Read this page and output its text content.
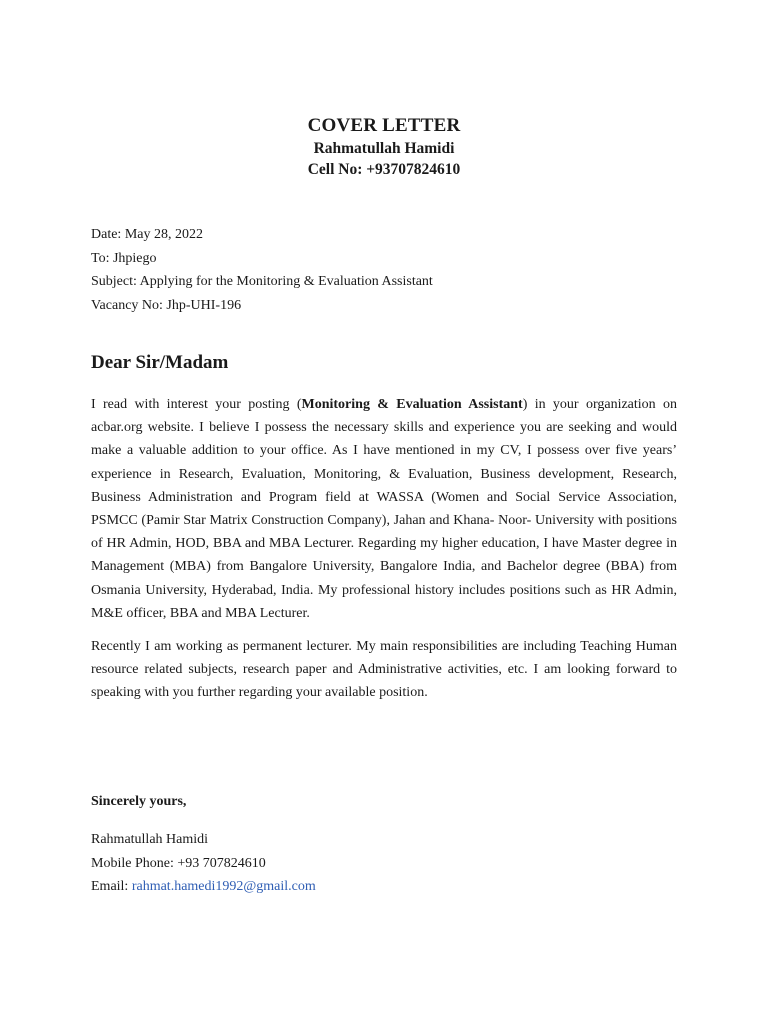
COVER LETTER
Rahmatullah Hamidi
Cell No: +93707824610
Date: May 28, 2022
To: Jhpiego
Subject: Applying for the Monitoring & Evaluation Assistant
Vacancy No: Jhp-UHI-196
Dear Sir/Madam

I read with interest your posting (Monitoring & Evaluation Assistant) in your organization on acbar.org website. I believe I possess the necessary skills and experience you are seeking and would make a valuable addition to your office. As I have mentioned in my CV, I possess over five years’ experience in Research, Evaluation, Monitoring, & Evaluation, Business development, Research, Business Administration and Program field at WASSA (Women and Social Service Association, PSMCC (Pamir Star Matrix Construction Company), Jahan and Khana- Noor- University with positions of HR Admin, HOD, BBA and MBA Lecturer. Regarding my higher education, I have Master degree in Management (MBA) from Bangalore University, Bangalore India, and Bachelor degree (BBA) from Osmania University, Hyderabad, India. My professional history includes positions such as HR Admin, M&E officer, BBA and MBA Lecturer.

Recently I am working as permanent lecturer. My main responsibilities are including Teaching Human resource related subjects, research paper and Administrative activities, etc. I am looking forward to speaking with you further regarding your available position.

Sincerely yours,
Rahmatullah Hamidi
Mobile Phone: +93 707824610
Email: rahmat.hamedi1992@gmail.com
